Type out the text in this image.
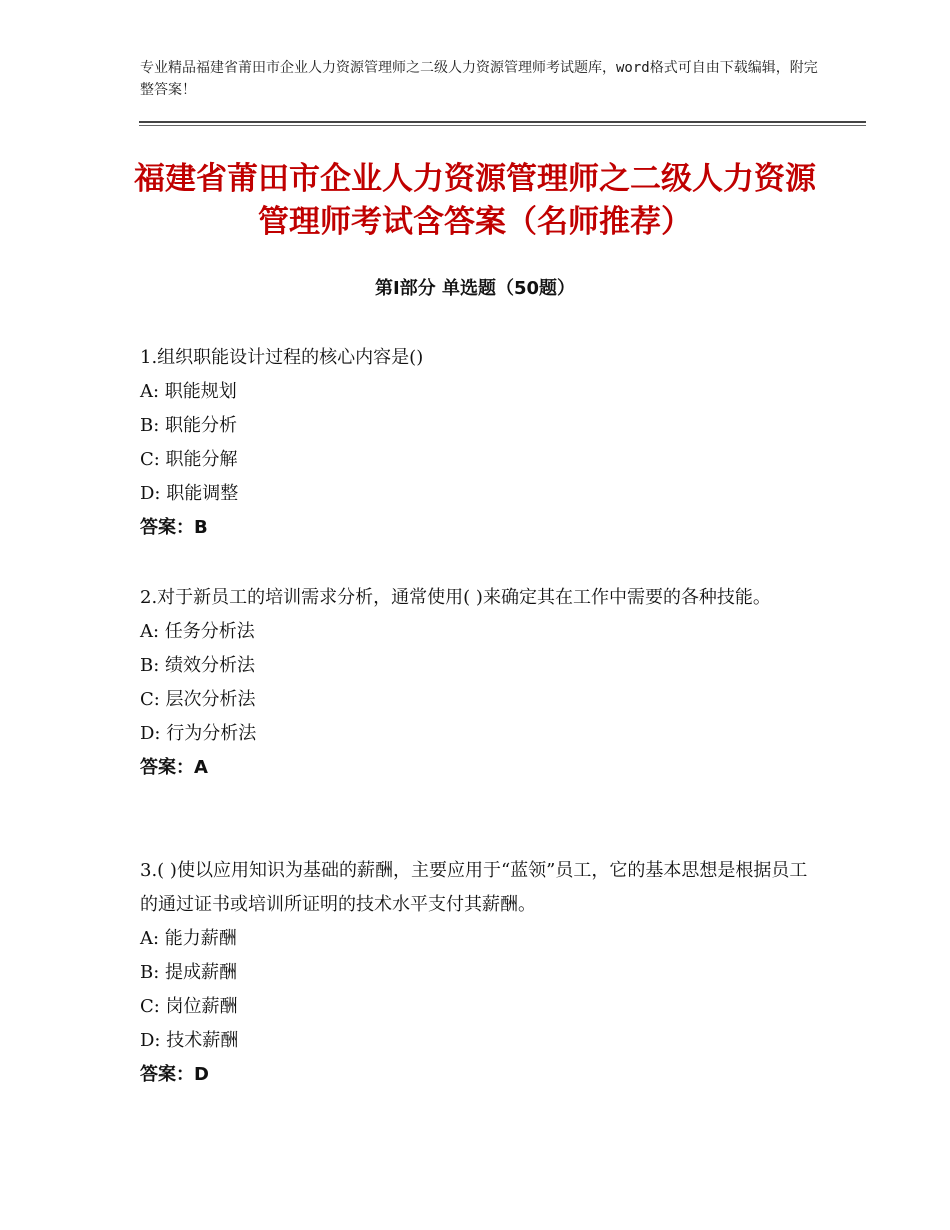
专业精品福建省莆田市企业人力资源管理师之二级人力资源管理师考试题库，word格式可自由下载编辑，附完整答案！
福建省莆田市企业人力资源管理师之二级人力资源管理师考试含答案（名师推荐）
第Ⅰ部分 单选题（50题）

1.组织职能设计过程的核心内容是()

A: 职能规划

B: 职能分析

C: 职能分解

D: 职能调整

答案：B

2.对于新员工的培训需求分析，通常使用( )来确定其在工作中需要的各种技能。

A: 任务分析法

B: 绩效分析法

C: 层次分析法

D: 行为分析法

答案：A

3.( )使以应用知识为基础的薪酬，主要应用于“蓝领”员工，它的基本思想是根据员工的通过证书或培训所证明的技术水平支付其薪酬。

A: 能力薪酬

B: 提成薪酬

C: 岗位薪酬

D: 技术薪酬

答案：D
